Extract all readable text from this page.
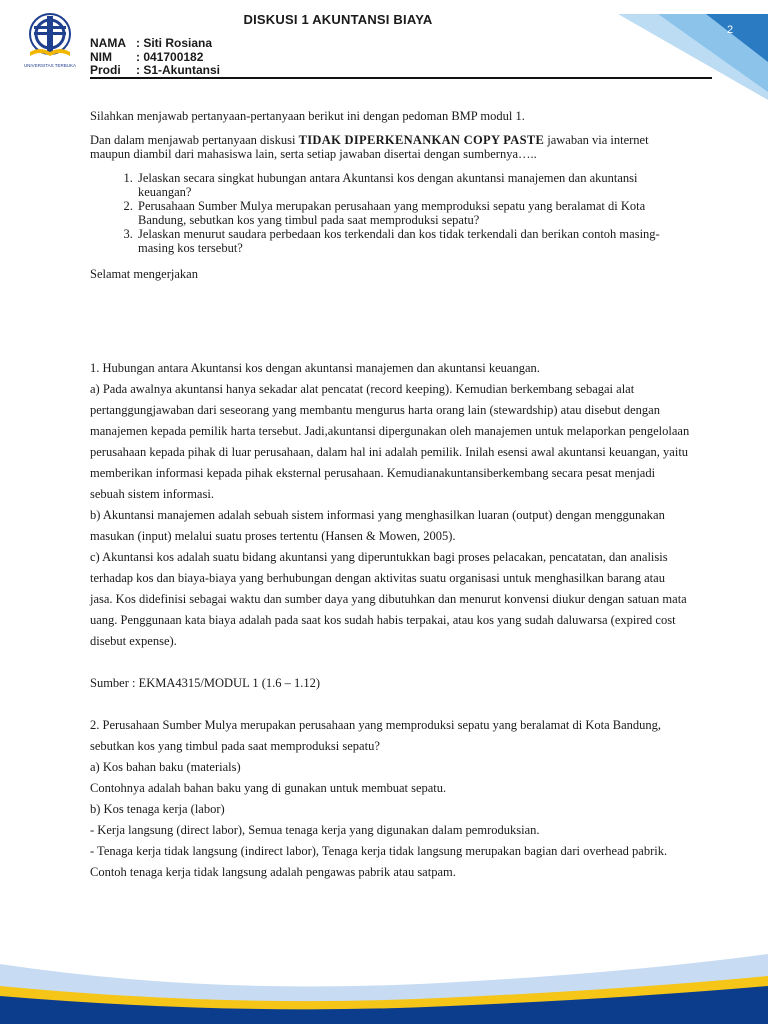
UNIVERSITAS TERBUKA
2
DISKUSI 1 AKUNTANSI BIAYA
NAMA : Siti Rosiana
NIM	: 041700182
Prodi	: S1-Akuntansi

Silahkan menjawab pertanyaan-pertanyaan berikut ini dengan pedoman BMP modul 1.

Dan dalam menjawab pertanyaan diskusi TIDAK DIPERKENANKAN COPY PASTE jawaban via internet maupun diambil dari mahasiswa lain, serta setiap jawaban disertai dengan sumbernya…..

1. Jelaskan secara singkat hubungan antara Akuntansi kos dengan akuntansi manajemen dan akuntansi keuangan?
2. Perusahaan Sumber Mulya merupakan perusahaan yang memproduksi sepatu yang beralamat di Kota Bandung, sebutkan kos yang timbul pada saat memproduksi sepatu?
3. Jelaskan menurut saudara perbedaan kos terkendali dan kos tidak terkendali dan berikan contoh masing-masing kos tersebut?

Selamat mengerjakan

1. Hubungan antara Akuntansi kos dengan akuntansi manajemen dan akuntansi keuangan.

a) Pada awalnya akuntansi hanya sekadar alat pencatat (record keeping). Kemudian berkembang sebagai alat pertanggungjawaban dari seseorang yang membantu mengurus harta orang lain (stewardship) atau disebut dengan manajemen kepada pemilik harta tersebut. Jadi,akuntansi dipergunakan oleh manajemen untuk melaporkan pengelolaan perusahaan kepada pihak di luar perusahaan, dalam hal ini adalah pemilik. Inilah esensi awal akuntansi keuangan, yaitu memberikan informasi kepada pihak eksternal perusahaan. Kemudianakuntansiberkembang secara pesat menjadi sebuah sistem informasi.

b) Akuntansi manajemen adalah sebuah sistem informasi yang menghasilkan luaran (output) dengan menggunakan masukan (input) melalui suatu proses tertentu (Hansen & Mowen, 2005).

c) Akuntansi kos adalah suatu bidang akuntansi yang diperuntukkan bagi proses pelacakan, pencatatan, dan analisis terhadap kos dan biaya-biaya yang berhubungan dengan aktivitas suatu organisasi untuk menghasilkan barang atau jasa. Kos didefinisi sebagai waktu dan sumber daya yang dibutuhkan dan menurut konvensi diukur dengan satuan mata uang. Penggunaan kata biaya adalah pada saat kos sudah habis terpakai, atau kos yang sudah daluwarsa (expired cost disebut expense).

Sumber : EKMA4315/MODUL 1 (1.6 – 1.12)

2. Perusahaan Sumber Mulya merupakan perusahaan yang memproduksi sepatu yang beralamat di Kota Bandung, sebutkan kos yang timbul pada saat memproduksi sepatu?

a) Kos bahan baku (materials)

Contohnya adalah bahan baku yang di gunakan untuk membuat sepatu.

b) Kos tenaga kerja (labor)

- Kerja langsung (direct labor), Semua tenaga kerja yang digunakan dalam pemroduksian.

- Tenaga kerja tidak langsung (indirect labor), Tenaga kerja tidak langsung merupakan bagian dari overhead pabrik.

Contoh tenaga kerja tidak langsung adalah pengawas pabrik atau satpam.
